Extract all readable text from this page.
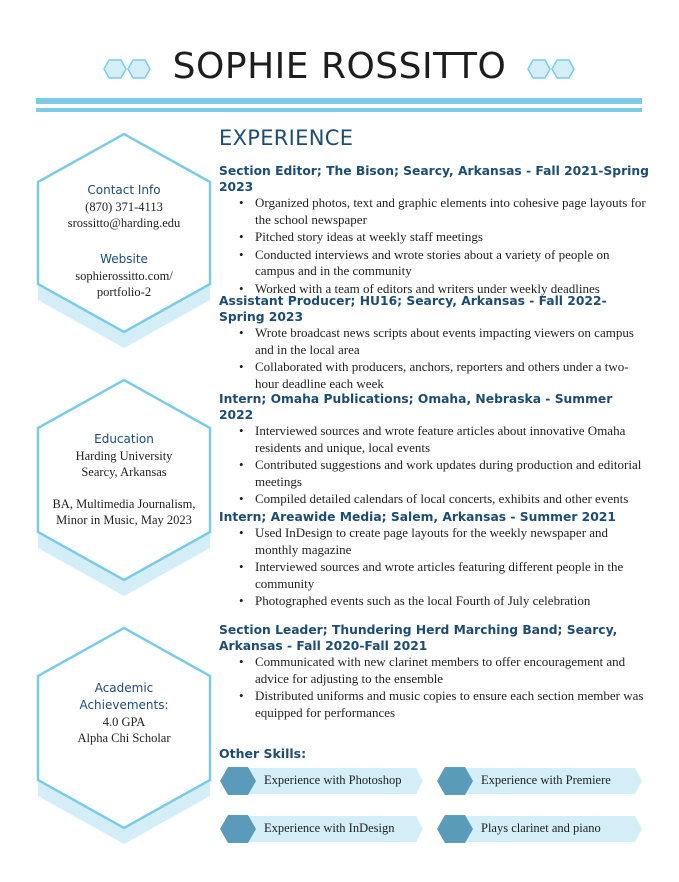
SOPHIE ROSSITTO
Contact Info
(870) 371-4113
srossitto@harding.edu
Website
sophierossitto.com/
portfolio-2
Education
Harding University
Searcy, Arkansas
BA, Multimedia Journalism,
Minor in Music, May 2023
Academic
Achievements:
4.0 GPA
Alpha Chi Scholar
EXPERIENCE
Section Editor; The Bison; Searcy, Arkansas - Fall 2021-Spring 2023
• Organized photos, text and graphic elements into cohesive page layouts for the school newspaper
• Pitched story ideas at weekly staff meetings
• Conducted interviews and wrote stories about a variety of people on campus and in the community
• Worked with a team of editors and writers under weekly deadlines
Assistant Producer; HU16; Searcy, Arkansas - Fall 2022-Spring 2023
• Wrote broadcast news scripts about events impacting viewers on campus and in the local area
• Collaborated with producers, anchors, reporters and others under a two-hour deadline each week
Intern; Omaha Publications; Omaha, Nebraska - Summer 2022
• Interviewed sources and wrote feature articles about innovative Omaha residents and unique, local events
• Contributed suggestions and work updates during production and editorial meetings
• Compiled detailed calendars of local concerts, exhibits and other events
Intern; Areawide Media; Salem, Arkansas - Summer 2021
• Used InDesign to create page layouts for the weekly newspaper and monthly magazine
• Interviewed sources and wrote articles featuring different people in the community
• Photographed events such as the local Fourth of July celebration
Section Leader; Thundering Herd Marching Band; Searcy, Arkansas - Fall 2020-Fall 2021
• Communicated with new clarinet members to offer encouragement and advice for adjusting to the ensemble
• Distributed uniforms and music copies to ensure each section member was equipped for performances
Other Skills:
Experience with Photoshop	Experience with Premiere
Experience with InDesign	Plays clarinet and piano
